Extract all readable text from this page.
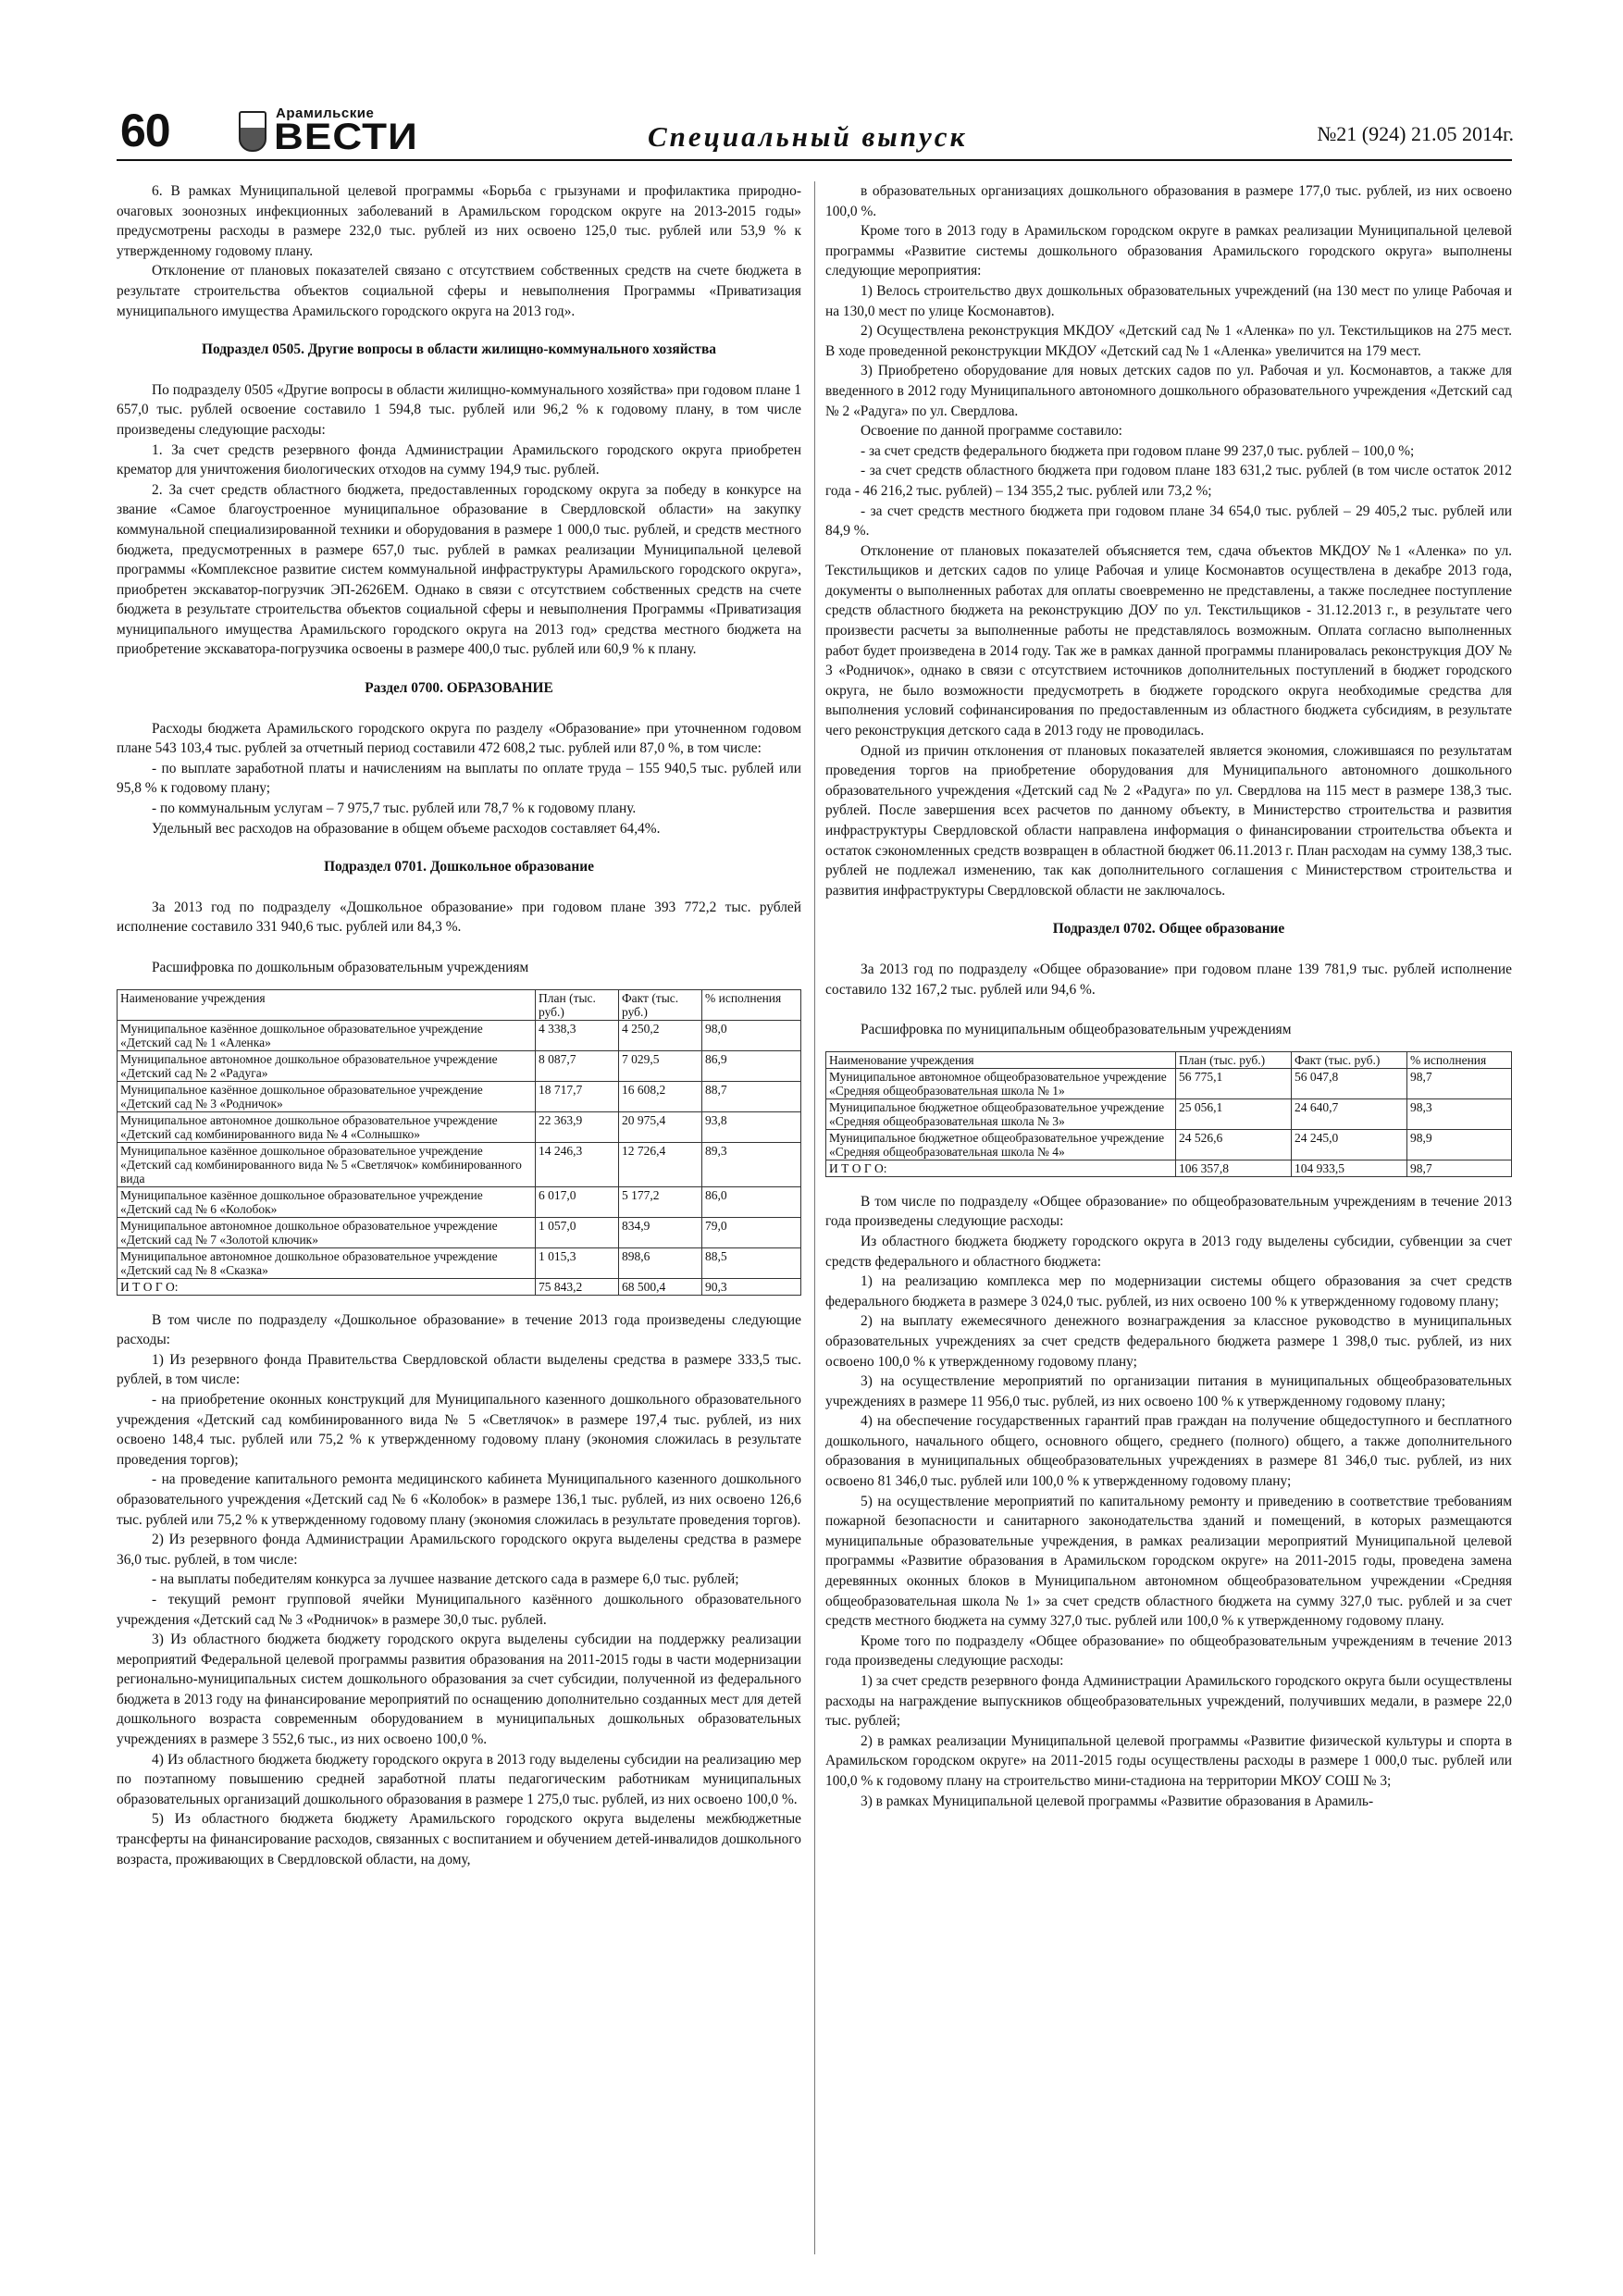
60	Арамильские
ВЕСТИ	Специальный выпуск	№21 (924) 21.05 2014г.

6. В рамках Муниципальной целевой программы «Борьба с грызунами и профилактика природно-очаговых зоонозных инфекционных заболеваний в Арамильском городском округе на 2013-2015 годы» предусмотрены расходы в размере 232,0 тыс. рублей из них освоено 125,0 тыс. рублей или 53,9 % к утвержденному годовому плану.

Отклонение от плановых показателей связано с отсутствием собственных средств на счете бюджета в результате строительства объектов социальной сферы и невыполнения Программы «Приватизация муниципального имущества Арамильского городского округа на 2013 год».

Подраздел 0505. Другие вопросы в области жилищно-коммунального хозяйства

По подразделу 0505 «Другие вопросы в области жилищно-коммунального хозяйства» при годовом плане 1 657,0 тыс. рублей освоение составило 1 594,8 тыс. рублей или 96,2 % к годовому плану, в том числе произведены следующие расходы:

1. За счет средств резервного фонда Администрации Арамильского городского округа приобретен крематор для уничтожения биологических отходов на сумму 194,9 тыс. рублей.

2. За счет средств областного бюджета, предоставленных городскому округа за победу в конкурсе на звание «Самое благоустроенное муниципальное образование в Свердловской области» на закупку коммунальной специализированной техники и оборудования в размере 1 000,0 тыс. рублей, и средств местного бюджета, предусмотренных в размере 657,0 тыс. рублей в рамках реализации Муниципальной целевой программы «Комплексное развитие систем коммунальной инфраструктуры Арамильского городского округа», приобретен экскаватор-погрузчик ЭП-2626ЕМ. Однако в связи с отсутствием собственных средств на счете бюджета в результате строительства объектов социальной сферы и невыполнения Программы «Приватизация муниципального имущества Арамильского городского округа на 2013 год» средства местного бюджета на приобретение экскаватора-погрузчика освоены в размере 400,0 тыс. рублей или 60,9 % к плану.

Раздел 0700. ОБРАЗОВАНИЕ

Расходы бюджета Арамильского городского округа по разделу «Образование» при уточненном годовом плане 543 103,4 тыс. рублей за отчетный период составили 472 608,2 тыс. рублей или 87,0 %, в том числе:

- по выплате заработной платы и начислениям на выплаты по оплате труда – 155 940,5 тыс. рублей или 95,8 % к годовому плану;

- по коммунальным услугам – 7 975,7 тыс. рублей или 78,7 % к годовому плану.

Удельный вес расходов на образование в общем объеме расходов составляет 64,4%.

Подраздел 0701. Дошкольное образование

За 2013 год по подразделу «Дошкольное образование» при годовом плане 393 772,2 тыс. рублей исполнение составило 331 940,6 тыс. рублей или 84,3 %.

Расшифровка по дошкольным образовательным учреждениям

Наименование учреждения	План (тыс. руб.)	Факт (тыс. руб.)	% исполнения
Муниципальное казённое дошкольное образовательное учреждение «Детский сад № 1 «Аленка»	4 338,3	4 250,2	98,0
Муниципальное автономное дошкольное образовательное учреждение «Детский сад № 2 «Радуга»	8 087,7	7 029,5	86,9
Муниципальное казённое дошкольное образовательное учреждение «Детский сад № 3 «Родничок»	18 717,7	16 608,2	88,7
Муниципальное автономное дошкольное образовательное учреждение «Детский сад комбинированного вида № 4 «Солнышко»	22 363,9	20 975,4	93,8
Муниципальное казённое дошкольное образовательное учреждение «Детский сад комбинированного вида № 5 «Светлячок» комбинированного вида	14 246,3	12 726,4	89,3
Муниципальное казённое дошкольное образовательное учреждение «Детский сад № 6 «Колобок»	6 017,0	5 177,2	86,0
Муниципальное автономное дошкольное образовательное учреждение «Детский сад № 7 «Золотой ключик»	1 057,0	834,9	79,0
Муниципальное автономное дошкольное образовательное учреждение «Детский сад № 8 «Сказка»	1 015,3	898,6	88,5
И Т О Г О:	75 843,2	68 500,4	90,3

В том числе по подразделу «Дошкольное образование» в течение 2013 года произведены следующие расходы:

1) Из резервного фонда Правительства Свердловской области выделены средства в размере 333,5 тыс. рублей, в том числе:

- на приобретение оконных конструкций для Муниципального казенного дошкольного образовательного учреждения «Детский сад комбинированного вида № 5 «Светлячок» в размере 197,4 тыс. рублей, из них освоено 148,4 тыс. рублей или 75,2 % к утвержденному годовому плану (экономия сложилась в результате проведения торгов);

- на проведение капитального ремонта медицинского кабинета Муниципального казенного дошкольного образовательного учреждения «Детский сад № 6 «Колобок» в размере 136,1 тыс. рублей, из них освоено 126,6 тыс. рублей или 75,2 % к утвержденному годовому плану (экономия сложилась в результате проведения торгов).

2) Из резервного фонда Администрации Арамильского городского округа выделены средства в размере 36,0 тыс. рублей, в том числе:

- на выплаты победителям конкурса за лучшее название детского сада в размере 6,0 тыс. рублей;

- текущий ремонт групповой ячейки Муниципального казённого дошкольного образовательного учреждения «Детский сад № 3 «Родничок» в размере 30,0 тыс. рублей.

3) Из областного бюджета бюджету городского округа выделены субсидии на поддержку реализации мероприятий Федеральной целевой программы развития образования на 2011-2015 годы в части модернизации регионально-муниципальных систем дошкольного образования за счет субсидии, полученной из федерального бюджета в 2013 году на финансирование мероприятий по оснащению дополнительно созданных мест для детей дошкольного возраста современным оборудованием в муниципальных дошкольных образовательных учреждениях в размере 3 552,6 тыс., из них освоено 100,0 %.

4) Из областного бюджета бюджету городского округа в 2013 году выделены субсидии на реализацию мер по поэтапному повышению средней заработной платы педагогическим работникам муниципальных образовательных организаций дошкольного образования в размере 1 275,0 тыс. рублей, из них освоено 100,0 %.

5) Из областного бюджета бюджету Арамильского городского округа выделены межбюджетные трансферты на финансирование расходов, связанных с воспитанием и обучением детей-инвалидов дошкольного возраста, проживающих в Свердловской области, на дому,

в образовательных организациях дошкольного образования в размере 177,0 тыс. рублей, из них освоено 100,0 %.

Кроме того в 2013 году в Арамильском городском округе в рамках реализации Муниципальной целевой программы «Развитие системы дошкольного образования Арамильского городского округа» выполнены следующие мероприятия:

1) Велось строительство двух дошкольных образовательных учреждений (на 130 мест по улице Рабочая и на 130,0 мест по улице Космонавтов).

2) Осуществлена реконструкция МКДОУ «Детский сад № 1 «Аленка» по ул. Текстильщиков на 275 мест. В ходе проведенной реконструкции МКДОУ «Детский сад № 1 «Аленка» увеличится на 179 мест.

3) Приобретено оборудование для новых детских садов по ул. Рабочая и ул. Космонавтов, а также для введенного в 2012 году Муниципального автономного дошкольного образовательного учреждения «Детский сад № 2 «Радуга» по ул. Свердлова.

Освоение по данной программе составило:

- за счет средств федерального бюджета при годовом плане 99 237,0 тыс. рублей – 100,0 %;

- за счет средств областного бюджета при годовом плане 183 631,2 тыс. рублей (в том числе остаток 2012 года - 46 216,2 тыс. рублей) – 134 355,2 тыс. рублей или 73,2 %;

- за счет средств местного бюджета при годовом плане 34 654,0 тыс. рублей – 29 405,2 тыс. рублей или 84,9 %.

Отклонение от плановых показателей объясняется тем, сдача объектов МКДОУ №1 «Аленка» по ул. Текстильщиков и детских садов по улице Рабочая и улице Космонавтов осуществлена в декабре 2013 года, документы о выполненных работах для оплаты своевременно не представлены, а также последнее поступление средств областного бюджета на реконструкцию ДОУ по ул. Текстильщиков - 31.12.2013 г., в результате чего произвести расчеты за выполненные работы не представлялось возможным. Оплата согласно выполненных работ будет произведена в 2014 году. Так же в рамках данной программы планировалась реконструкция ДОУ № 3 «Родничок», однако в связи с отсутствием источников дополнительных поступлений в бюджет городского округа, не было возможности предусмотреть в бюджете городского округа необходимые средства для выполнения условий софинансирования по предоставленным из областного бюджета субсидиям, в результате чего реконструкция детского сада в 2013 году не проводилась.

Одной из причин отклонения от плановых показателей является экономия, сложившаяся по результатам проведения торгов на приобретение оборудования для Муниципального автономного дошкольного образовательного учреждения «Детский сад № 2 «Радуга» по ул. Свердлова на 115 мест в размере 138,3 тыс. рублей. После завершения всех расчетов по данному объекту, в Министерство строительства и развития инфраструктуры Свердловской области направлена информация о финансировании строительства объекта и остаток сэкономленных средств возвращен в областной бюджет 06.11.2013 г. План расходам на сумму 138,3 тыс. рублей не подлежал изменению, так как дополнительного соглашения с Министерством строительства и развития инфраструктуры Свердловской области не заключалось.

Подраздел 0702. Общее образование

За 2013 год по подразделу «Общее образование» при годовом плане 139 781,9 тыс. рублей исполнение составило 132 167,2 тыс. рублей или 94,6 %.

Расшифровка по муниципальным общеобразовательным учреждениям

Наименование учреждения	План (тыс. руб.)	Факт (тыс. руб.)	% исполнения
Муниципальное автономное общеобразовательное учреждение «Средняя общеобразовательная школа № 1»	56 775,1	56 047,8	98,7
Муниципальное бюджетное общеобразовательное учреждение «Средняя общеобразовательная школа № 3»	25 056,1	24 640,7	98,3
Муниципальное бюджетное общеобразовательное учреждение «Средняя общеобразовательная школа № 4»	24 526,6	24 245,0	98,9
И Т О Г О:	106 357,8	104 933,5	98,7

В том числе по подразделу «Общее образование» по общеобразовательным учреждениям в течение 2013 года произведены следующие расходы:

Из областного бюджета бюджету городского округа в 2013 году выделены субсидии, субвенции за счет средств федерального и областного бюджета:

1) на реализацию комплекса мер по модернизации системы общего образования за счет средств федерального бюджета в размере 3 024,0 тыс. рублей, из них освоено 100 % к утвержденному годовому плану;

2) на выплату ежемесячного денежного вознаграждения за классное руководство в муниципальных образовательных учреждениях за счет средств федерального бюджета размере 1 398,0 тыс. рублей, из них освоено 100,0 % к утвержденному годовому плану;

3) на осуществление мероприятий по организации питания в муниципальных общеобразовательных учреждениях в размере 11 956,0 тыс. рублей, из них освоено 100 % к утвержденному годовому плану;

4) на обеспечение государственных гарантий прав граждан на получение общедоступного и бесплатного дошкольного, начального общего, основного общего, среднего (полного) общего, а также дополнительного образования в муниципальных общеобразовательных учреждениях в размере 81 346,0 тыс. рублей, из них освоено 81 346,0 тыс. рублей или 100,0 % к утвержденному годовому плану;

5) на осуществление мероприятий по капитальному ремонту и приведению в соответствие требованиям пожарной безопасности и санитарного законодательства зданий и помещений, в которых размещаются муниципальные образовательные учреждения, в рамках реализации мероприятий Муниципальной целевой программы «Развитие образования в Арамильском городском округе» на 2011-2015 годы, проведена замена деревянных оконных блоков в Муниципальном автономном общеобразовательном учреждении «Средняя общеобразовательная школа № 1» за счет средств областного бюджета на сумму 327,0 тыс. рублей и за счет средств местного бюджета на сумму 327,0 тыс. рублей или 100,0 % к утвержденному годовому плану.

Кроме того по подразделу «Общее образование» по общеобразовательным учреждениям в течение 2013 года произведены следующие расходы:

1) за счет средств резервного фонда Администрации Арамильского городского округа были осуществлены расходы на награждение выпускников общеобразовательных учреждений, получивших медали, в размере 22,0 тыс. рублей;

2) в рамках реализации Муниципальной целевой программы «Развитие физической культуры и спорта в Арамильском городском округе» на 2011-2015 годы осуществлены расходы в размере 1 000,0 тыс. рублей или 100,0 % к годовому плану на строительство мини-стадиона на территории МКОУ СОШ № 3;

3) в рамках Муниципальной целевой программы «Развитие образования в Арамиль-
